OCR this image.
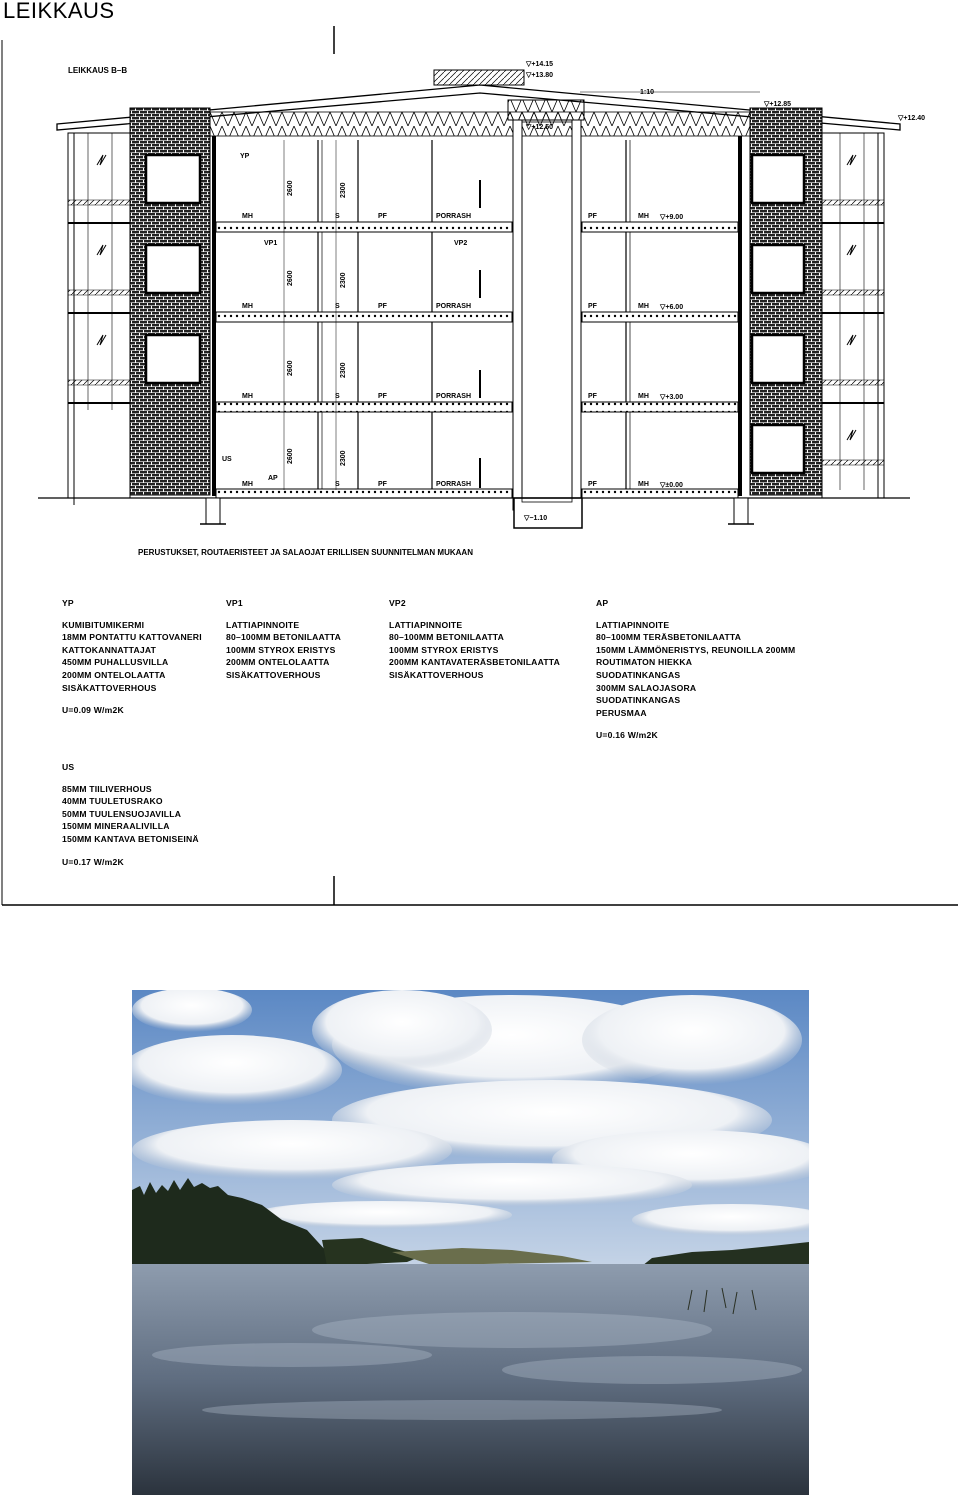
LEIKKAUS
LEIKKAUS B–B
▽+14.15
▽+13.80
▽+12.50
▽+12.85
▽+12.40
▽+9.00
▽+6.00
▽+3.00
▽±0.00
▽−1.10
1:10
2600
2600
2600
2600
2300
2300
2300
2300
YP
VP1	VP2
US
AP
MH	S	PF	PORRASH	PF	MH
MH	S	PF	PORRASH	PF	MH
MH	S	PF	PORRASH	PF	MH
MH	S	PF	PORRASH	PF	MH
PERUSTUKSET, ROUTAERISTEET JA SALAOJAT ERILLISEN SUUNNITELMAN MUKAAN
YP
KUMIBITUMIKERMI
18MM PONTATTU KATTOVANERI
KATTOKANNATTAJAT
450MM PUHALLUSVILLA
200MM ONTELOLAATTA
SISÄKATTOVERHOUS
U=0.09 W/m2K
VP1
LATTIAPINNOITE
80–100MM BETONILAATTA
100MM STYROX ERISTYS
200MM ONTELOLAATTA
SISÄKATTOVERHOUS
VP2
LATTIAPINNOITE
80–100MM BETONILAATTA
100MM STYROX ERISTYS
200MM KANTAVATERÄSBETONILAATTA
SISÄKATTOVERHOUS
AP
LATTIAPINNOITE
80–100MM TERÄSBETONILAATTA
150MM LÄMMÖNERISTYS, REUNOILLA 200MM
ROUTIMATON HIEKKA
SUODATINKANGAS
300MM SALAOJASORA
SUODATINKANGAS
PERUSMAA
U=0.16 W/m2K
US
85MM TIILIVERHOUS
40MM TUULETUSRAKO
50MM TUULENSUOJAVILLA
150MM MINERAALIVILLA
150MM KANTAVA BETONISEINÄ
U=0.17 W/m2K
